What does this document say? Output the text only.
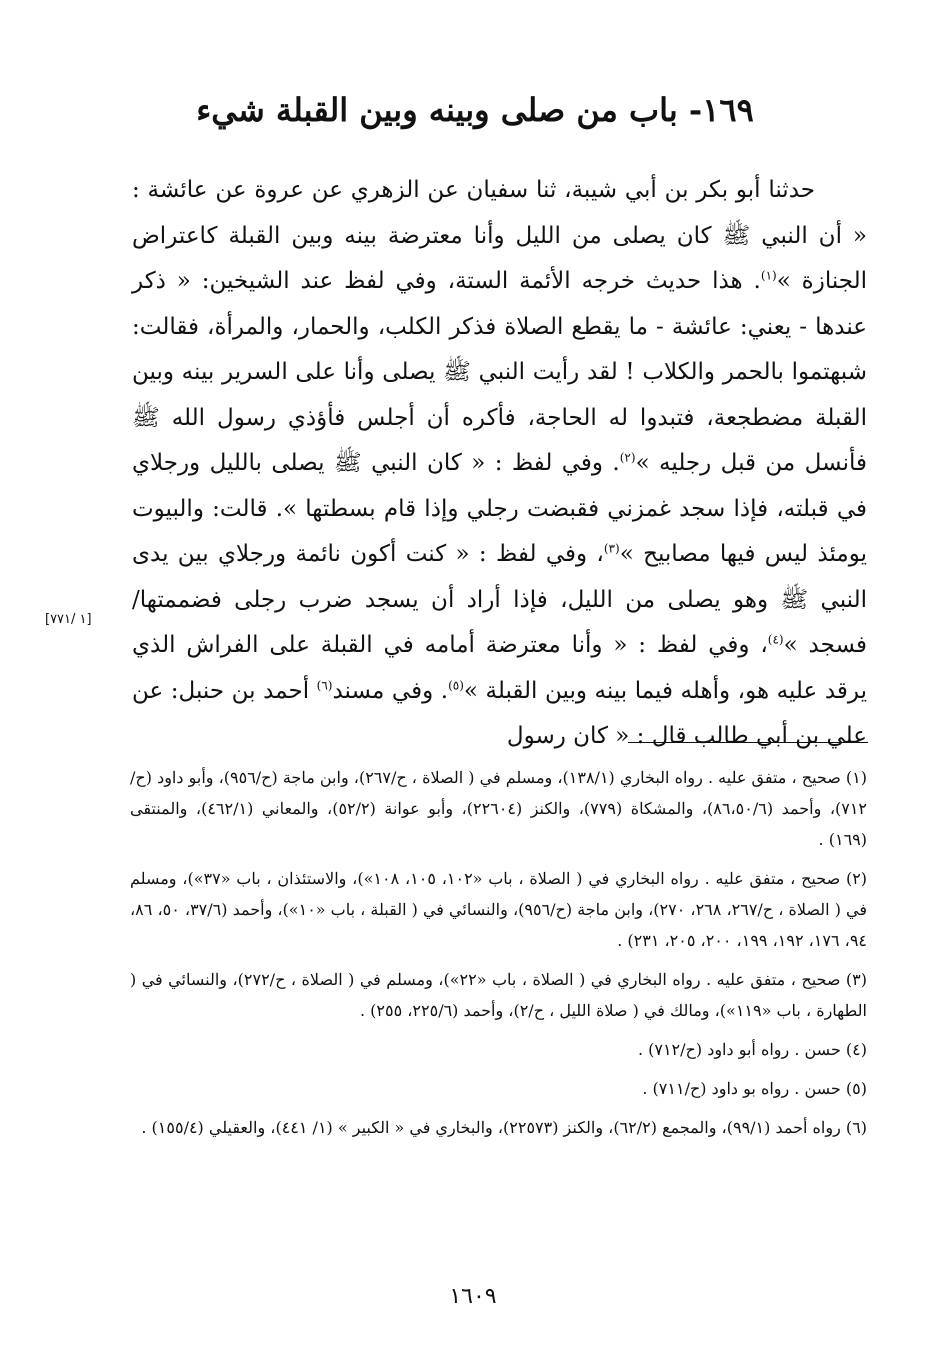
١٦٩- باب من صلى وبينه وبين القبلة شيء

حدثنا أبو بكر بن أبي شيبة، ثنا سفيان عن الزهري عن عروة عن عائشة : « أن النبي ﷺ كان يصلى من الليل وأنا معترضة بينه وبين القبلة كاعتراض الجنازة »$^{(١)}$. هذا حديث خرجه الأئمة الستة، وفي لفظ عند الشيخين: « ذكر عندها - يعني: عائشة - ما يقطع الصلاة فذكر الكلب، والحمار، والمرأة، فقالت: شبهتموا بالحمر والكلاب ! لقد رأيت النبي ﷺ يصلى وأنا على السرير بينه وبين القبلة مضطجعة، فتبدوا له الحاجة، فأكره أن أجلس فأؤذي رسول الله ﷺ فأنسل من قبل رجليه »$^{(٢)}$. وفي لفظ : « كان النبي ﷺ يصلى بالليل ورجلاي في قبلته، فإذا سجد غمزني فقبضت رجلي وإذا قام بسطتها ». قالت: والبيوت يومئذ ليس فيها مصابيح »$^{(٣)}$، وفي لفظ : « كنت أكون نائمة ورجلاي بين يدى النبي ﷺ وهو يصلى من الليل، فإذا أراد أن يسجد ضرب رجلى فضممتها/ فسجد »$^{(٤)}$، وفي لفظ : « وأنا معترضة أمامه في القبلة على الفراش الذي يرقد عليه هو، وأهله فيما بينه وبين القبلة »$^{(٥)}$. وفي مسند$^{(٦)}$ أحمد بن حنبل: عن علي بن أبي طالب قال : « كان رسول

[١ /٧٧١]

(١) صحيح ، متفق عليه . رواه البخاري (١٣٨/١)، ومسلم في ( الصلاة ، ح/٢٦٧)، وابن ماجة (ح/٩٥٦)، وأبو داود (ح/٧١٢)، وأحمد (٨٦،٥٠/٦)، والمشكاة (٧٧٩)، والكنز (٢٢٦٠٤)، وأبو عوانة (٥٢/٢)، والمعاني (٤٦٢/١)، والمنتقى (١٦٩) .

(٢) صحيح ، متفق عليه . رواه البخاري في ( الصلاة ، باب «١٠٢، ١٠٥، ١٠٨»)، والاستئذان ، باب «٣٧»)، ومسلم في ( الصلاة ، ح/٢٦٧، ٢٦٨، ٢٧٠)، وابن ماجة (ح/٩٥٦)، والنسائي في ( القبلة ، باب «١٠»)، وأحمد (٣٧/٦، ٥٠، ٨٦، ٩٤، ١٧٦، ١٩٢، ١٩٩، ٢٠٠، ٢٠٥، ٢٣١) .

(٣) صحيح ، متفق عليه . رواه البخاري في ( الصلاة ، باب «٢٢»)، ومسلم في ( الصلاة ، ح/٢٧٢)، والنسائي في ( الطهارة ، باب «١١٩»)، ومالك في ( صلاة الليل ، ح/٢)، وأحمد (٢٢٥/٦، ٢٥٥) .

(٤) حسن . رواه أبو داود (ح/٧١٢) .

(٥) حسن . رواه بو داود (ح/٧١١) .

(٦) رواه أحمد (٩٩/١)، والمجمع (٦٢/٢)، والكنز (٢٢٥٧٣)، والبخاري في « الكبير » (١/ ٤٤١)، والعقيلي (١٥٥/٤) .

١٦٠٩
